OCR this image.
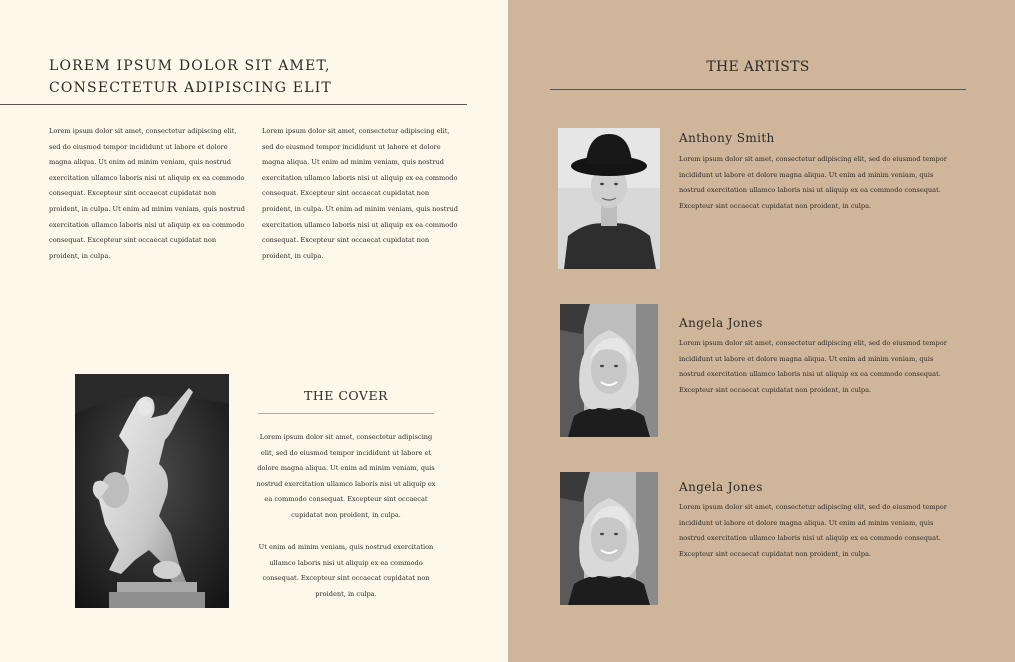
LOREM IPSUM DOLOR SIT AMET, CONSECTETUR ADIPISCING ELIT

Lorem ipsum dolor sit amet, consectetur adipiscing elit, sed do eiusmod tempor incididunt ut labore et dolore magna aliqua. Ut enim ad minim veniam, quis nostrud exercitation ullamco laboris nisi ut aliquip ex ea commodo consequat. Excepteur sint occaecat cupidatat non proident, in culpa. Ut enim ad minim veniam, quis nostrud exercitation ullamco laboris nisi ut aliquip ex ea commodo consequat. Excepteur sint occaecat cupidatat non proident, in culpa.

Lorem ipsum dolor sit amet, consectetur adipiscing elit, sed do eiusmod tempor incididunt ut labore et dolore magna aliqua. Ut enim ad minim veniam, quis nostrud exercitation ullamco laboris nisi ut aliquip ex ea commodo consequat. Excepteur sint occaecat cupidatat non proident, in culpa. Ut enim ad minim veniam, quis nostrud exercitation ullamco laboris nisi ut aliquip ex ea commodo consequat. Excepteur sint occaecat cupidatat non proident, in culpa.

THE COVER

Lorem ipsum dolor sit amet, consectetur adipiscing elit, sed do eiusmod tempor incididunt ut labore et dolore magna aliqua. Ut enim ad minim veniam, quis nostrud exercitation ullamco laboris nisi ut aliquip ex ea commodo consequat. Excepteur sint occaecat cupidatat non proident, in culpa.

Ut enim ad minim veniam, quis nostrud exercitation ullamco laboris nisi ut aliquip ex ea commodo consequat. Excepteur sint occaecat cupidatat non proident, in culpa.

THE ARTISTS
Anthony Smith

Lorem ipsum dolor sit amet, consectetur adipiscing elit, sed do eiusmod tempor incididunt ut labore et dolore magna aliqua. Ut enim ad minim veniam, quis nostrud exercitation ullamco laboris nisi ut aliquip ex ea commodo consequat. Excepteur sint occaecat cupidatat non proident, in culpa.

Angela Jones

Lorem ipsum dolor sit amet, consectetur adipiscing elit, sed do eiusmod tempor incididunt ut labore et dolore magna aliqua. Ut enim ad minim veniam, quis nostrud exercitation ullamco laboris nisi ut aliquip ex ea commodo consequat. Excepteur sint occaecat cupidatat non proident, in culpa.

Angela Jones

Lorem ipsum dolor sit amet, consectetur adipiscing elit, sed do eiusmod tempor incididunt ut labore et dolore magna aliqua. Ut enim ad minim veniam, quis nostrud exercitation ullamco laboris nisi ut aliquip ex ea commodo consequat. Excepteur sint occaecat cupidatat non proident, in culpa.
